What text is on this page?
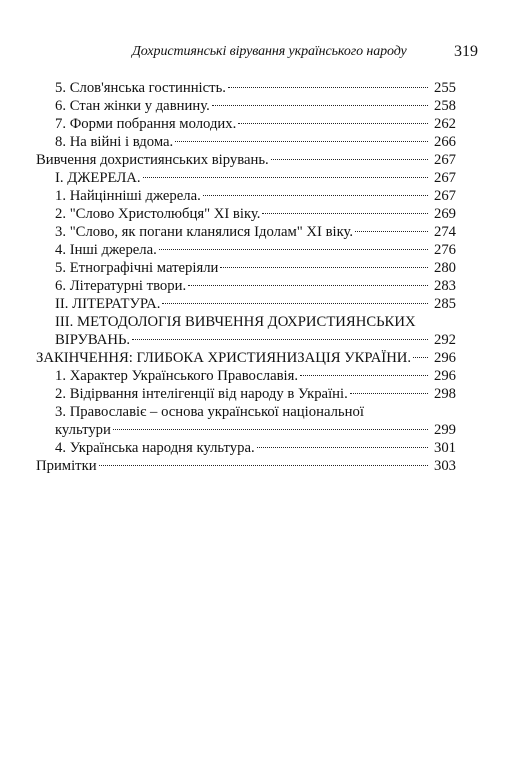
Дохристиянські вірування українського народу	319
5. Слов'янська гостинність.	255
6. Стан жінки у давнину.	258
7. Форми побрання молодих.	262
8. На війні і вдома.	266
Вивчення дохристиянських вірувань.	267
І. ДЖЕРЕЛА.	267
1. Найцінніші джерела.	267
2. "Слово Христолюбця" ХІ віку.	269
3. "Слово, як погани кланялися Ідолам" ХІ віку.	274
4. Інші джерела.	276
5. Етнографічні матеріяли	280
6. Літературні твори.	283
ІІ. ЛІТЕРАТУРА.	285
ІІІ. МЕТОДОЛОГІЯ ВИВЧЕННЯ ДОХРИСТИЯНСЬКИХ
ВІРУВАНЬ.	292
ЗАКІНЧЕННЯ: ГЛИБОКА ХРИСТИЯНИЗАЦІЯ УКРАЇНИ. 296
1. Характер Українського Православія.	296
2. Відірвання інтелігенції від народу в Україні.	298
3. Православіє – основа української національної
культури	299
4. Українська народня культура.	301
Примітки	303
